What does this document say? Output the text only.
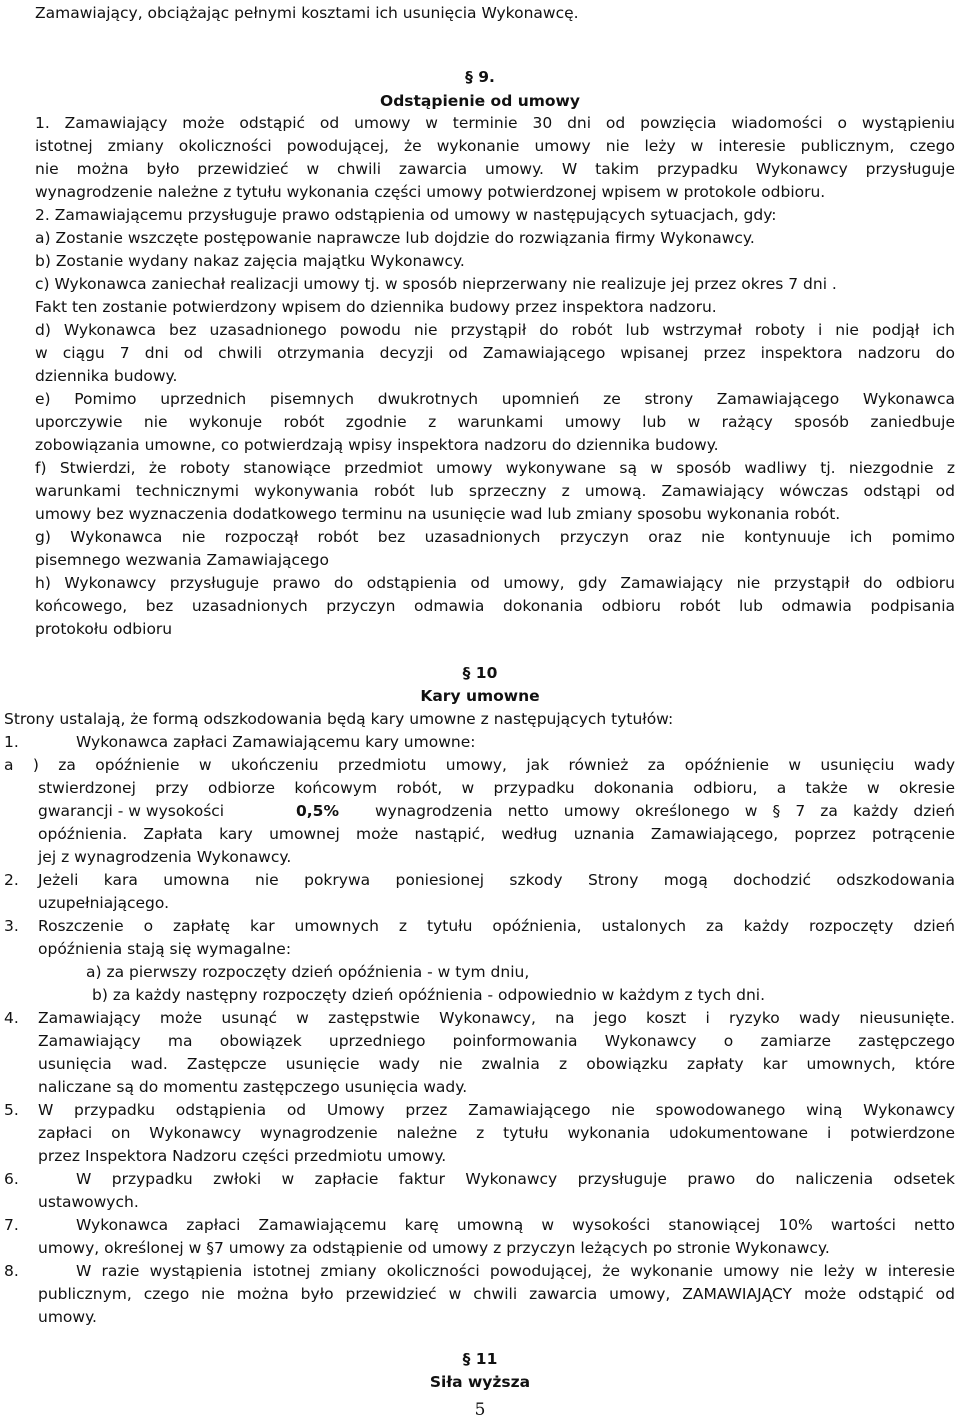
Zamawiający, obciążając pełnymi kosztami ich usunięcia Wykonawcę.
§ 9.
Odstąpienie od umowy
1. Zamawiający może odstąpić od umowy w terminie 30 dni od powzięcia wiadomości o wystąpieniu
istotnej zmiany okoliczności powodującej, że wykonanie umowy nie leży w interesie publicznym, czego
nie można było przewidzieć w chwili zawarcia umowy. W takim przypadku Wykonawcy przysługuje
wynagrodzenie należne z tytułu wykonania części umowy potwierdzonej wpisem w protokole odbioru.
2. Zamawiającemu przysługuje prawo odstąpienia od umowy w następujących sytuacjach, gdy:
a) Zostanie wszczęte postępowanie naprawcze lub dojdzie do rozwiązania firmy Wykonawcy.
b) Zostanie wydany nakaz zajęcia majątku Wykonawcy.
c) Wykonawca zaniechał realizacji umowy tj. w sposób nieprzerwany nie realizuje jej przez okres 7 dni .
Fakt ten zostanie potwierdzony wpisem do dziennika budowy przez inspektora nadzoru.
d) Wykonawca bez uzasadnionego powodu nie przystąpił do robót lub wstrzymał roboty i nie podjął ich
w ciągu 7 dni od chwili otrzymania decyzji od Zamawiającego wpisanej przez inspektora nadzoru do
dziennika budowy.
e) Pomimo uprzednich pisemnych dwukrotnych upomnień ze strony Zamawiającego Wykonawca
uporczywie nie wykonuje robót zgodnie z warunkami umowy lub w rażący sposób zaniedbuje
zobowiązania umowne, co potwierdzają wpisy inspektora nadzoru do dziennika budowy.
f) Stwierdzi, że roboty stanowiące przedmiot umowy wykonywane są w sposób wadliwy tj. niezgodnie z
warunkami technicznymi wykonywania robót lub sprzeczny z umową. Zamawiający wówczas odstąpi od
umowy bez wyznaczenia dodatkowego terminu na usunięcie wad lub zmiany sposobu wykonania robót.
g) Wykonawca nie rozpoczął robót bez uzasadnionych przyczyn oraz nie kontynuuje ich pomimo
pisemnego wezwania Zamawiającego
h) Wykonawcy przysługuje prawo do odstąpienia od umowy, gdy Zamawiający nie przystąpił do odbioru
końcowego, bez uzasadnionych przyczyn odmawia dokonania odbioru robót lub odmawia podpisania
protokołu odbioru
§ 10
Kary umowne
Strony ustalają, że formą odszkodowania będą kary umowne z następujących tytułów:
1.	Wykonawca zapłaci Zamawiającemu kary umowne:
a ) za opóźnienie w ukończeniu przedmiotu umowy, jak również za opóźnienie w usunięciu wady
stwierdzonej przy odbiorze końcowym robót, w przypadku dokonania odbioru, a także w okresie
gwarancji - w wysokości	0,5% wynagrodzenia netto umowy określonego w § 7 za każdy dzień
opóźnienia. Zapłata kary umownej może nastąpić, według uznania Zamawiającego, poprzez potrącenie
jej z wynagrodzenia Wykonawcy.
2. Jeżeli kara umowna nie pokrywa poniesionej szkody Strony mogą dochodzić odszkodowania
uzupełniającego.
3. Roszczenie o zapłatę kar umownych z tytułu opóźnienia, ustalonych za każdy rozpoczęty dzień
opóźnienia stają się wymagalne:
a) za pierwszy rozpoczęty dzień opóźnienia - w tym dniu,
b) za każdy następny rozpoczęty dzień opóźnienia - odpowiednio w każdym z tych dni.
4. Zamawiający może usunąć w zastępstwie Wykonawcy, na jego koszt i ryzyko wady nieusunięte.
Zamawiający ma obowiązek uprzedniego poinformowania Wykonawcy o zamiarze zastępczego
usunięcia wad. Zastępcze usunięcie wady nie zwalnia z obowiązku zapłaty kar umownych, które
naliczane są do momentu zastępczego usunięcia wady.
5. W przypadku odstąpienia od Umowy przez Zamawiającego nie spowodowanego winą Wykonawcy
zapłaci on Wykonawcy wynagrodzenie należne z tytułu wykonania udokumentowane i potwierdzone
przez Inspektora Nadzoru części przedmiotu umowy.
6.	W przypadku zwłoki w zapłacie faktur Wykonawcy przysługuje prawo do naliczenia odsetek
ustawowych.
7.	Wykonawca zapłaci Zamawiającemu karę umowną w wysokości stanowiącej 10% wartości netto
umowy, określonej w §7 umowy za odstąpienie od umowy z przyczyn leżących po stronie Wykonawcy.
8.	W razie wystąpienia istotnej zmiany okoliczności powodującej, że wykonanie umowy nie leży w interesie
publicznym, czego nie można było przewidzieć w chwili zawarcia umowy, ZAMAWIAJĄCY może odstąpić od
umowy.
§ 11
Siła wyższa
5
